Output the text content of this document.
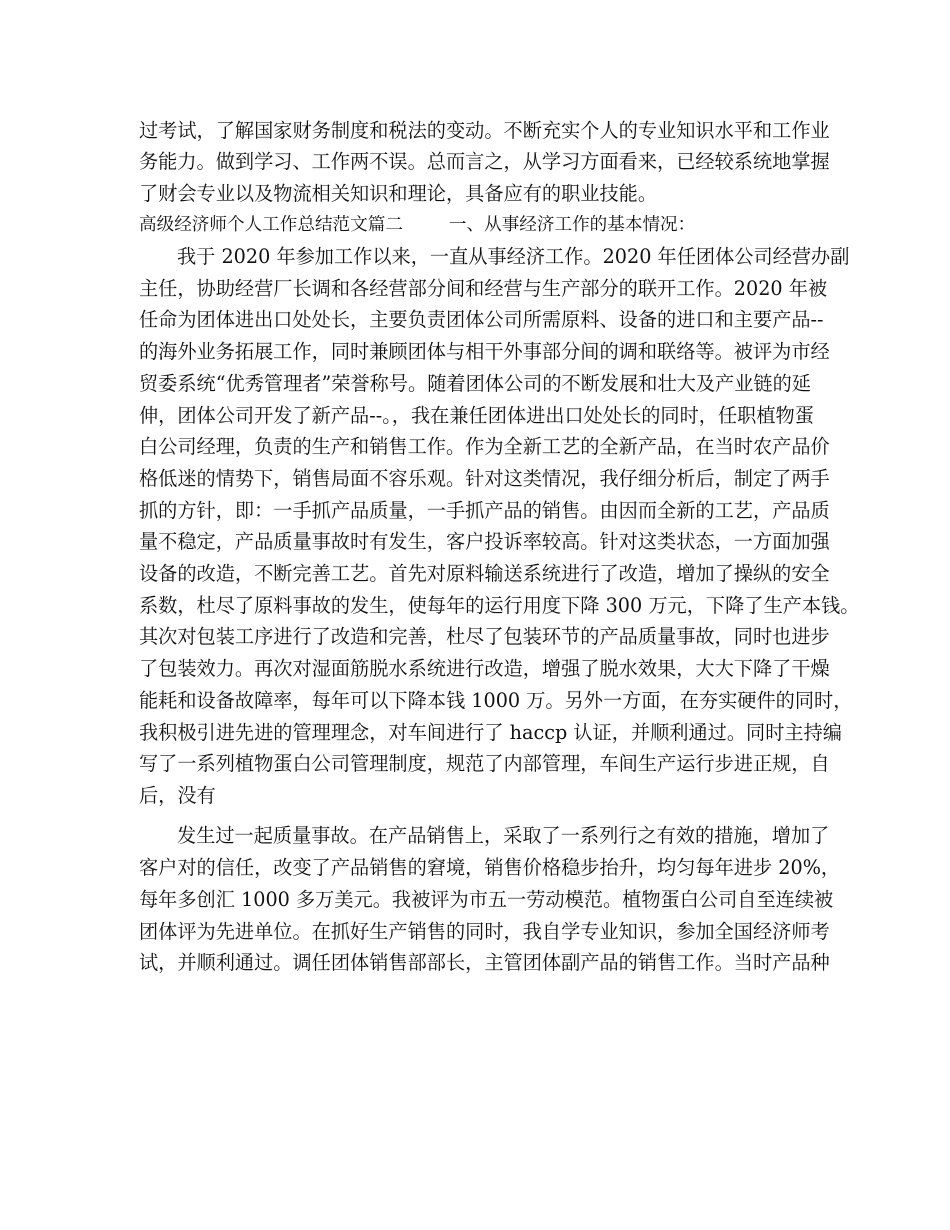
过考试，了解国家财务制度和税法的变动。不断充实个人的专业知识水平和工作业
务能力。做到学习、工作两不误。总而言之，从学习方面看来，已经较系统地掌握
了财会专业以及物流相关知识和理论，具备应有的职业技能。
高级经济师个人工作总结范文篇二	一、从事经济工作的基本情况：
我于 2020 年参加工作以来，一直从事经济工作。2020 年任团体公司经营办副
主任，协助经营厂长调和各经营部分间和经营与生产部分的联开工作。2020 年被
任命为团体进出口处处长，主要负责团体公司所需原料、设备的进口和主要产品--
的海外业务拓展工作，同时兼顾团体与相干外事部分间的调和联络等。被评为市经
贸委系统“优秀管理者”荣誉称号。随着团体公司的不断发展和壮大及产业链的延
伸，团体公司开发了新产品--。，我在兼任团体进出口处处长的同时，任职植物蛋
白公司经理，负责的生产和销售工作。作为全新工艺的全新产品，在当时农产品价
格低迷的情势下，销售局面不容乐观。针对这类情况，我仔细分析后，制定了两手
抓的方针，即：一手抓产品质量，一手抓产品的销售。由因而全新的工艺，产品质
量不稳定，产品质量事故时有发生，客户投诉率较高。针对这类状态，一方面加强
设备的改造，不断完善工艺。首先对原料输送系统进行了改造，增加了操纵的安全
系数，杜尽了原料事故的发生，使每年的运行用度下降 300 万元，下降了生产本钱。
其次对包装工序进行了改造和完善，杜尽了包装环节的产品质量事故，同时也进步
了包装效力。再次对湿面筋脱水系统进行改造，增强了脱水效果，大大下降了干燥
能耗和设备故障率，每年可以下降本钱 1000 万。另外一方面，在夯实硬件的同时，
我积极引进先进的管理理念，对车间进行了 haccp 认证，并顺利通过。同时主持编
写了一系列植物蛋白公司管理制度，规范了内部管理，车间生产运行步进正规，自
后，没有
发生过一起质量事故。在产品销售上，采取了一系列行之有效的措施，增加了
客户对的信任，改变了产品销售的窘境，销售价格稳步抬升，均匀每年进步 20%，
每年多创汇 1000 多万美元。我被评为市五一劳动模范。植物蛋白公司自至连续被
团体评为先进单位。在抓好生产销售的同时，我自学专业知识，参加全国经济师考
试，并顺利通过。调任团体销售部部长，主管团体副产品的销售工作。当时产品种
